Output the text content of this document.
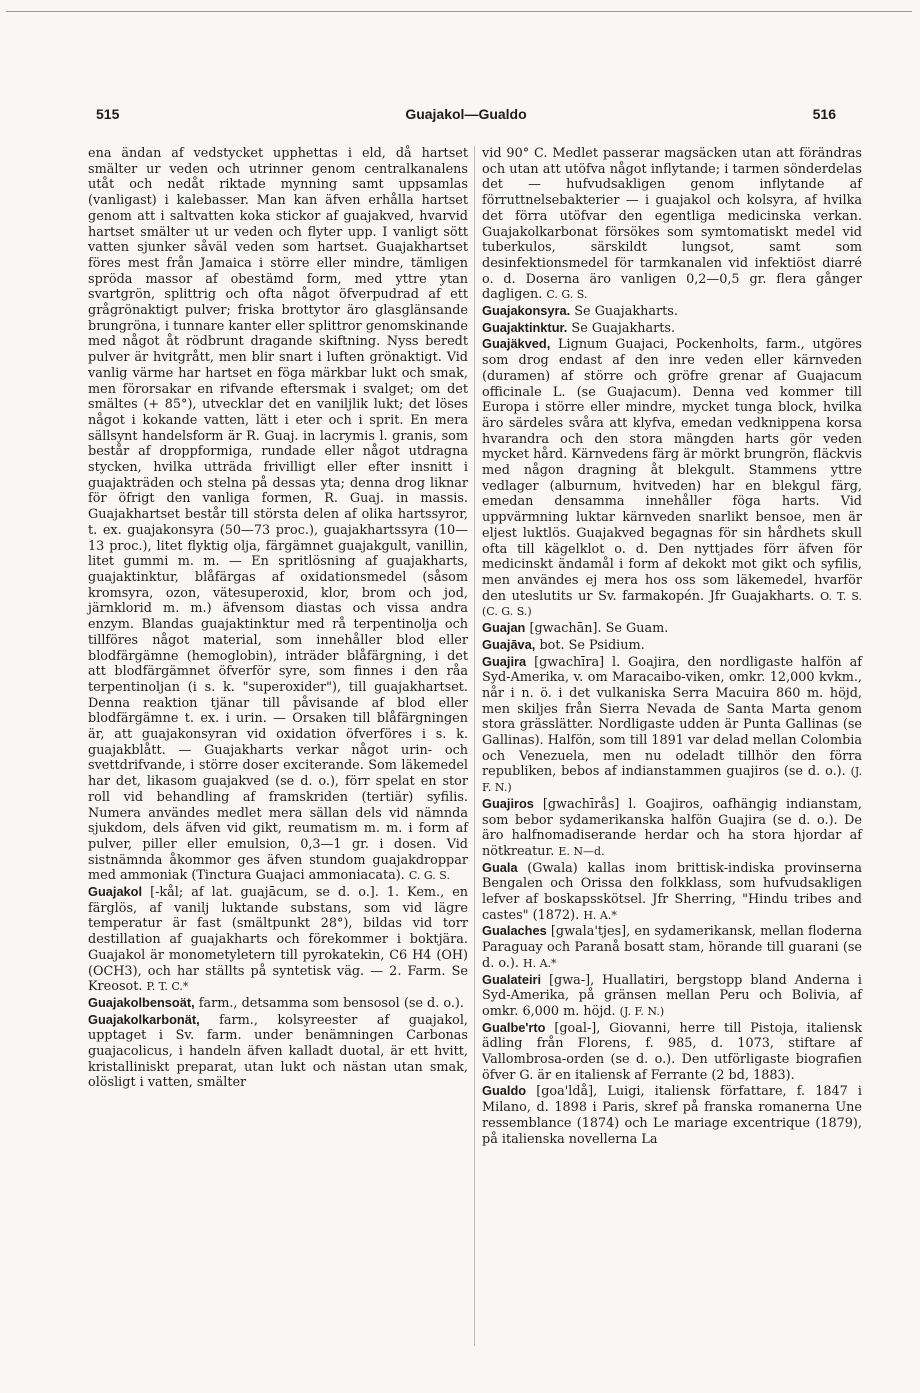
515	Guajakol—Gualdo	516

ena ändan af vedstycket upphettas i eld, då hartset smälter ur veden och utrinner genom centralkanalens utåt och nedåt riktade mynning samt uppsamlas (vanligast) i kalebasser. Man kan äfven erhålla hartset genom att i saltvatten koka stickor af guajakved, hvarvid hartset smälter ut ur veden och flyter upp. I vanligt sött vatten sjunker såväl veden som hartset. Guajakhartset föres mest från Jamaica i större eller mindre, tämligen spröda massor af obestämd form, med yttre ytan svartgrön, splittrig och ofta något öfverpudrad af ett grågrönaktigt pulver; friska brottytor äro glasglänsande brungröna, i tunnare kanter eller splittror genomskinande med något åt rödbrunt dragande skiftning. Nyss beredt pulver är hvitgrått, men blir snart i luften grönaktigt. Vid vanlig värme har hartset en föga märkbar lukt och smak, men förorsakar en rifvande eftersmak i svalget; om det smältes (+ 85°), utvecklar det en vaniljlik lukt; det löses något i kokande vatten, lätt i eter och i sprit. En mera sällsynt handelsform är R. Guaj. in lacrymis l. granis, som består af droppformiga, rundade eller något utdragna stycken, hvilka utträda frivilligt eller efter insnitt i guajakträden och stelna på dessas yta; denna drog liknar för öfrigt den vanliga formen, R. Guaj. in massis. Guajakhartset består till största delen af olika hartssyror, t. ex. guajakonsyra (50—73 proc.), guajakhartssyra (10—13 proc.), litet flyktig olja, färgämnet guajakgult, vanillin, litet gummi m. m. — En spritlösning af guajakharts, guajaktinktur, blåfärgas af oxidationsmedel (såsom kromsyra, ozon, vätesuperoxid, klor, brom och jod, järnklorid m. m.) äfvensom diastas och vissa andra enzym. Blandas guajaktinktur med rå terpentinolja och tillföres något material, som innehåller blod eller blodfärgämne (hemoglobin), inträder blåfärgning, i det att blodfärgämnet öfverför syre, som finnes i den råa terpentinoljan (i s. k. "superoxider"), till guajakhartset. Denna reaktion tjänar till påvisande af blod eller blodfärgämne t. ex. i urin. — Orsaken till blåfärgningen är, att guajakonsyran vid oxidation öfverföres i s. k. guajakblått. — Guajakharts verkar något urin- och svettdrifvande, i större doser exciterande. Som läkemedel har det, likasom guajakved (se d. o.), förr spelat en stor roll vid behandling af framskriden (tertiär) syfilis. Numera användes medlet mera sällan dels vid nämnda sjukdom, dels äfven vid gikt, reumatism m. m. i form af pulver, piller eller emulsion, 0,3—1 gr. i dosen. Vid sistnämnda åkommor ges äfven stundom guajakdroppar med ammoniak (Tinctura Guajaci ammoniacata). C. G. S.

Guajakol [-kål; af lat. guajācum, se d. o.]. 1. Kem., en färglös, af vanilj luktande substans, som vid lägre temperatur är fast (smältpunkt 28°), bildas vid torr destillation af guajakharts och förekommer i boktjära. Guajakol är monometyletern till pyrokatekin, C6 H4 (OH) (OCH3), och har ställts på syntetisk väg. — 2. Farm. Se Kreosot. P. T. C.*

Guajakolbensoät, farm., detsamma som bensosol (se d. o.).

Guajakolkarbonät, farm., kolsyreester af guajakol, upptaget i Sv. farm. under benämningen Carbonas guajacolicus, i handeln äfven kalladt duotal, är ett hvitt, kristalliniskt preparat, utan lukt och nästan utan smak, olösligt i vatten, smälter

vid 90° C. Medlet passerar magsäcken utan att förändras och utan att utöfva något inflytande; i tarmen sönderdelas det — hufvudsakligen genom inflytande af förruttnelsebakterier — i guajakol och kolsyra, af hvilka det förra utöfvar den egentliga medicinska verkan. Guajakolkarbonat försökes som symtomatiskt medel vid tuberkulos, särskildt lungsot, samt som desinfektionsmedel för tarmkanalen vid infektiöst diarré o. d. Doserna äro vanligen 0,2—0,5 gr. flera gånger dagligen. C. G. S.

Guajakonsyra. Se Guajakharts.

Guajaktinktur. Se Guajakharts.

Guajäkved, Lignum Guajaci, Pockenholts, farm., utgöres som drog endast af den inre veden eller kärnveden (duramen) af större och gröfre grenar af Guajacum officinale L. (se Guajacum). Denna ved kommer till Europa i större eller mindre, mycket tunga block, hvilka äro särdeles svåra att klyfva, emedan vedknippena korsa hvarandra och den stora mängden harts gör veden mycket hård. Kärnvedens färg är mörkt brungrön, fläckvis med någon dragning åt blekgult. Stammens yttre vedlager (alburnum, hvitveden) har en blekgul färg, emedan densamma innehåller föga harts. Vid uppvärmning luktar kärnveden snarlikt bensoe, men är eljest luktlös. Guajakved begagnas för sin hårdhets skull ofta till kägelklot o. d. Den nyttjades förr äfven för medicinskt ändamål i form af dekokt mot gikt och syfilis, men användes ej mera hos oss som läkemedel, hvarför den uteslutits ur Sv. farmakopén. Jfr Guajakharts. O. T. S. (C. G. S.)

Guajan [gwachān]. Se Guam.

Guajāva, bot. Se Psidium.

Guajira [gwachīra] l. Goajira, den nordligaste halfön af Syd-Amerika, v. om Maracaibo-viken, omkr. 12,000 kvkm., når i n. ö. i det vulkaniska Serra Macuira 860 m. höjd, men skiljes från Sierra Nevada de Santa Marta genom stora grässlätter. Nordligaste udden är Punta Gallinas (se Gallinas). Halfön, som till 1891 var delad mellan Colombia och Venezuela, men nu odeladt tillhör den förra republiken, bebos af indianstammen guajiros (se d. o.). (J. F. N.)

Guajiros [gwachīrås] l. Goajiros, oafhängig indianstam, som bebor sydamerikanska halfön Guajira (se d. o.). De äro halfnomadiserande herdar och ha stora hjordar af nötkreatur. E. N—d.

Guala (Gwala) kallas inom brittisk-indiska provinserna Bengalen och Orissa den folkklass, som hufvudsakligen lefver af boskapsskötsel. Jfr Sherring, "Hindu tribes and castes" (1872). H. A.*

Gualaches [gwala'tjes], en sydamerikansk, mellan floderna Paraguay och Paranå bosatt stam, hörande till guarani (se d. o.). H. A.*

Gualateiri [gwa-], Huallatiri, bergstopp bland Anderna i Syd-Amerika, på gränsen mellan Peru och Bolivia, af omkr. 6,000 m. höjd. (J. F. N.)

Gualbe'rto [goal-], Giovanni, herre till Pistoja, italiensk ädling från Florens, f. 985, d. 1073, stiftare af Vallombrosa-orden (se d. o.). Den utförligaste biografien öfver G. är en italiensk af Ferrante (2 bd, 1883).

Gualdo [goa'ldå], Luigi, italiensk författare, f. 1847 i Milano, d. 1898 i Paris, skref på franska romanerna Une ressemblance (1874) och Le mariage excentrique (1879), på italienska novellerna La
